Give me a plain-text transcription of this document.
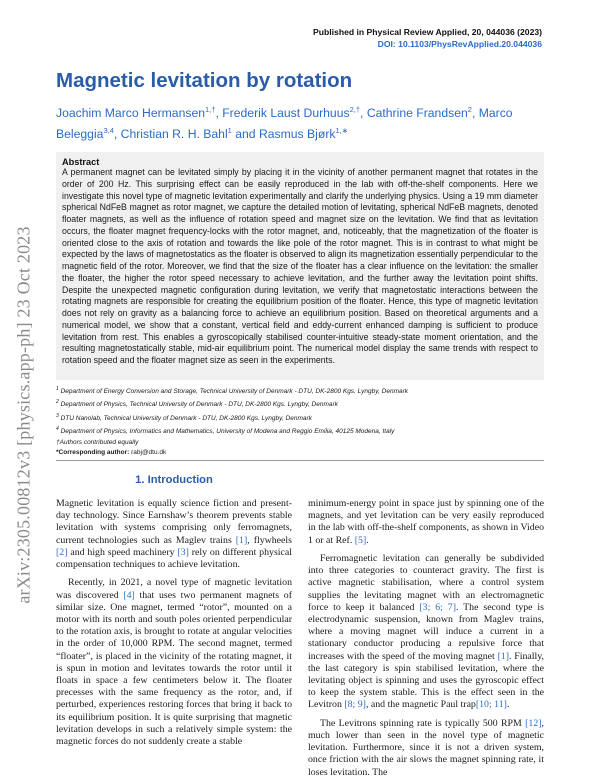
arXiv:2305.00812v3 [physics.app-ph] 23 Oct 2023
Published in Physical Review Applied, 20, 044036 (2023)
DOI: 10.1103/PhysRevApplied.20.044036
Magnetic levitation by rotation
Joachim Marco Hermansen$^{1,\dagger}$, Frederik Laust Durhuus$^{2,\dagger}$, Cathrine Frandsen$^2$, Marco Beleggia$^{3,4}$, Christian R. H. Bahl$^1$ and Rasmus Bjørk$^{1,∗}$
Abstract
A permanent magnet can be levitated simply by placing it in the vicinity of another permanent magnet that rotates in the order of 200 Hz. This surprising effect can be easily reproduced in the lab with off-the-shelf components. Here we investigate this novel type of magnetic levitation experimentally and clarify the underlying physics. Using a 19 mm diameter spherical NdFeB magnet as rotor magnet, we capture the detailed motion of levitating, spherical NdFeB magnets, denoted floater magnets, as well as the influence of rotation speed and magnet size on the levitation. We find that as levitation occurs, the floater magnet frequency-locks with the rotor magnet, and, noticeably, that the magnetization of the floater is oriented close to the axis of rotation and towards the like pole of the rotor magnet. This is in contrast to what might be expected by the laws of magnetostatics as the floater is observed to align its magnetization essentially perpendicular to the magnetic field of the rotor. Moreover, we find that the size of the floater has a clear influence on the levitation: the smaller the floater, the higher the rotor speed necessary to achieve levitation, and the further away the levitation point shifts. Despite the unexpected magnetic configuration during levitation, we verify that magnetostatic interactions between the rotating magnets are responsible for creating the equilibrium position of the floater. Hence, this type of magnetic levitation does not rely on gravity as a balancing force to achieve an equilibrium position. Based on theoretical arguments and a numerical model, we show that a constant, vertical field and eddy-current enhanced damping is sufficient to produce levitation from rest. This enables a gyroscopically stabilised counter-intuitive steady-state moment orientation, and the resulting magnetostatically stable, mid-air equilibrium point. The numerical model display the same trends with respect to rotation speed and the floater magnet size as seen in the experiments.
$^1$ Department of Energy Conversion and Storage, Technical University of Denmark - DTU, DK-2800 Kgs. Lyngby, Denmark
$^2$ Department of Physics, Technical University of Denmark - DTU, DK-2800 Kgs. Lyngby, Denmark
$^3$ DTU Nanolab, Technical University of Denmark - DTU, DK-2800 Kgs. Lyngby, Denmark
$^4$ Department of Physics, Informatics and Mathematics, University of Modena and Reggio Emilia, 40125 Modena, Italy
†Authors contributed equally
*Corresponding author: rabj@dtu.dk
1. Introduction

Magnetic levitation is equally science fiction and present-day technology. Since Earnshaw’s theorem prevents stable levitation with systems comprising only ferromagnets, current technologies such as Maglev trains [1], flywheels [2] and high speed machinery [3] rely on different physical compensation techniques to achieve levitation.

Recently, in 2021, a novel type of magnetic levitation was discovered [4] that uses two permanent magnets of similar size. One magnet, termed “rotor”, mounted on a motor with its north and south poles oriented perpendicular to the rotation axis, is brought to rotate at angular velocities in the order of 10,000 RPM. The second magnet, termed “floater”, is placed in the vicinity of the rotating magnet, it is spun in motion and levitates towards the rotor until it floats in space a few centimeters below it. The floater precesses with the same frequency as the rotor, and, if perturbed, experiences restoring forces that bring it back to its equilibrium position. It is quite surprising that magnetic levitation develops in such a relatively simple system: the magnetic forces do not suddenly create a stable

minimum-energy point in space just by spinning one of the magnets, and yet levitation can be very easily reproduced in the lab with off-the-shelf components, as shown in Video 1 or at Ref. [5].

Ferromagnetic levitation can generally be subdivided into three categories to counteract gravity. The first is active magnetic stabilisation, where a control system supplies the levitating magnet with an electromagnetic force to keep it balanced [3; 6; 7]. The second type is electrodynamic suspension, known from Maglev trains, where a moving magnet will induce a current in a stationary conductor producing a repulsive force that increases with the speed of the moving magnet [1]. Finally, the last category is spin stabilised levitation, where the levitating object is spinning and uses the gyroscopic effect to keep the system stable. This is the effect seen in the Levitron [8; 9], and the magnetic Paul trap[10; 11].

The Levitrons spinning rate is typically 500 RPM [12], much lower than seen in the novel type of magnetic levitation. Furthermore, since it is not a driven system, once friction with the air slows the magnet spinning rate, it loses levitation. The
